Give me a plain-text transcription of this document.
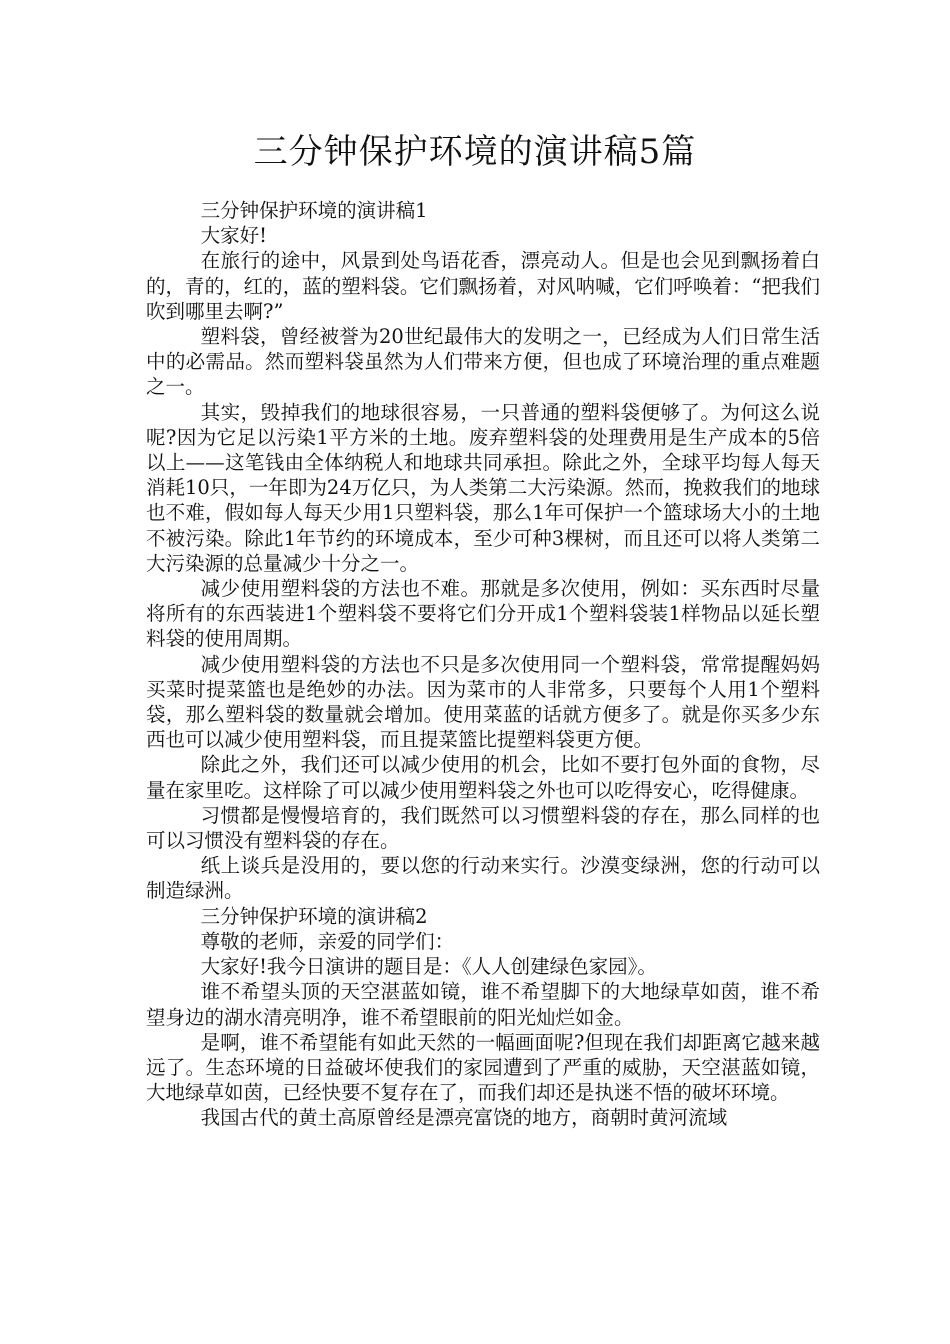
三分钟保护环境的演讲稿5篇

三分钟保护环境的演讲稿1

大家好!

在旅行的途中，风景到处鸟语花香，漂亮动人。但是也会见到飘扬着白的，青的，红的，蓝的塑料袋。它们飘扬着，对风呐喊，它们呼唤着：“把我们吹到哪里去啊?”

塑料袋，曾经被誉为20世纪最伟大的发明之一，已经成为人们日常生活中的必需品。然而塑料袋虽然为人们带来方便，但也成了环境治理的重点难题之一。

其实，毁掉我们的地球很容易，一只普通的塑料袋便够了。为何这么说呢?因为它足以污染1平方米的土地。废弃塑料袋的处理费用是生产成本的5倍以上——这笔钱由全体纳税人和地球共同承担。除此之外，全球平均每人每天消耗10只，一年即为24万亿只，为人类第二大污染源。然而，挽救我们的地球也不难，假如每人每天少用1只塑料袋，那么1年可保护一个篮球场大小的土地不被污染。除此1年节约的环境成本，至少可种3棵树，而且还可以将人类第二大污染源的总量减少十分之一。

减少使用塑料袋的方法也不难。那就是多次使用，例如：买东西时尽量将所有的东西装进1个塑料袋不要将它们分开成1个塑料袋装1样物品以延长塑料袋的使用周期。

减少使用塑料袋的方法也不只是多次使用同一个塑料袋，常常提醒妈妈买菜时提菜篮也是绝妙的办法。因为菜市的人非常多，只要每个人用1个塑料袋，那么塑料袋的数量就会增加。使用菜蓝的话就方便多了。就是你买多少东西也可以减少使用塑料袋，而且提菜篮比提塑料袋更方便。

除此之外，我们还可以减少使用的机会，比如不要打包外面的食物，尽量在家里吃。这样除了可以减少使用塑料袋之外也可以吃得安心，吃得健康。

习惯都是慢慢培育的，我们既然可以习惯塑料袋的存在，那么同样的也可以习惯没有塑料袋的存在。

纸上谈兵是没用的，要以您的行动来实行。沙漠变绿洲，您的行动可以制造绿洲。

三分钟保护环境的演讲稿2

尊敬的老师，亲爱的同学们：

大家好!我今日演讲的题目是：《人人创建绿色家园》。

谁不希望头顶的天空湛蓝如镜，谁不希望脚下的大地绿草如茵，谁不希望身边的湖水清亮明净，谁不希望眼前的阳光灿烂如金。

是啊，谁不希望能有如此天然的一幅画面呢?但现在我们却距离它越来越远了。生态环境的日益破坏使我们的家园遭到了严重的威胁，天空湛蓝如镜，大地绿草如茵，已经快要不复存在了，而我们却还是执迷不悟的破坏环境。

我国古代的黄土高原曾经是漂亮富饶的地方，商朝时黄河流域
